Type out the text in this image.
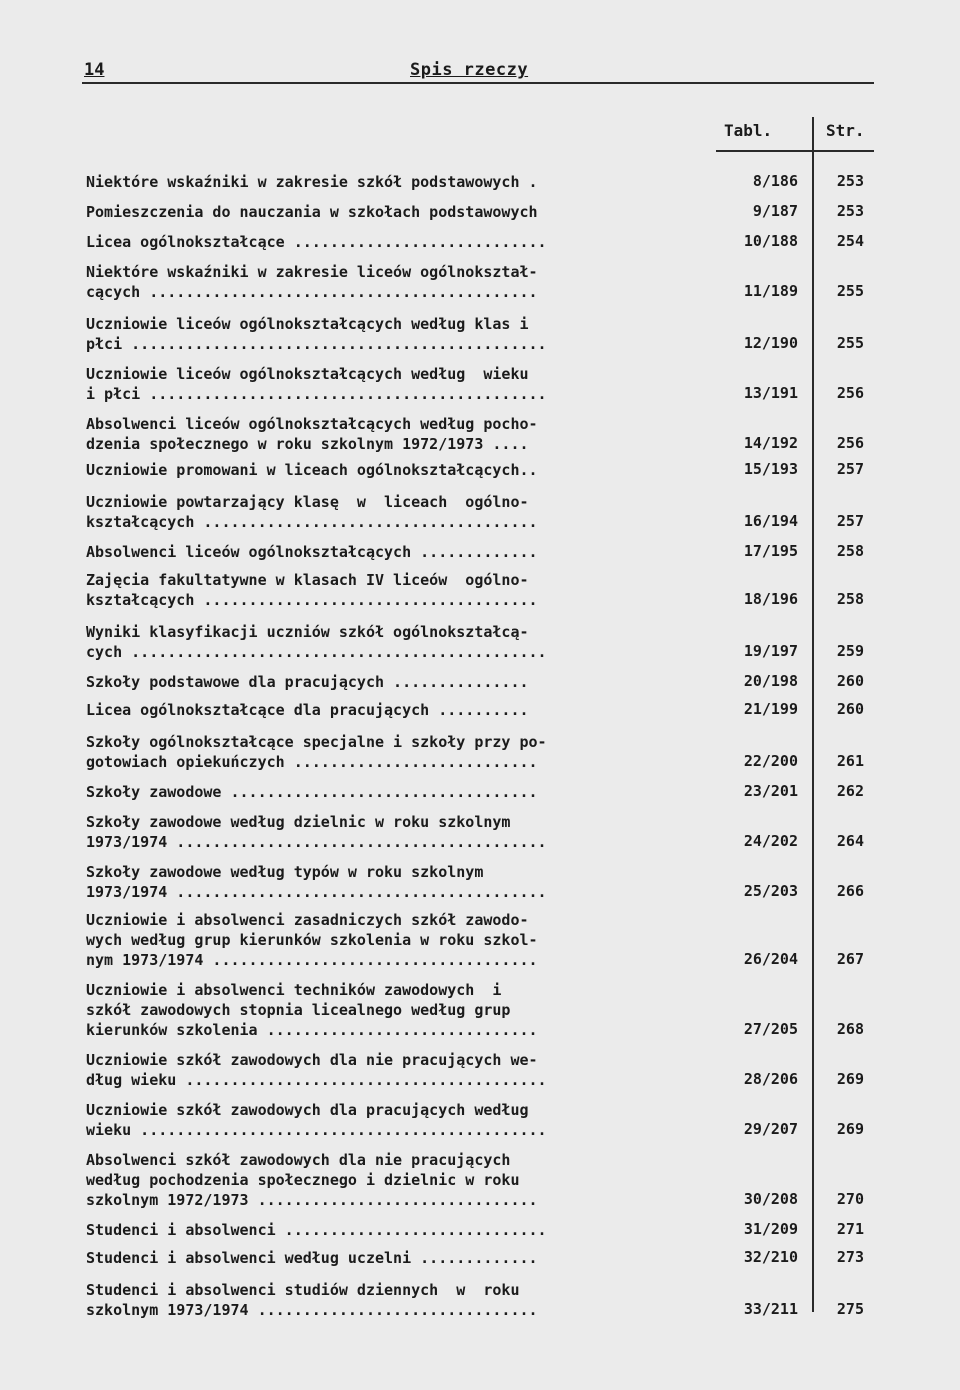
14	Spis rzeczy
Tabl.	Str.
Niektóre wskaźniki w zakresie szkół podstawowych .	8/186	253
Pomieszczenia do nauczania w szkołach podstawowych	9/187	253
Licea ogólnokształcące ............................	10/188	254
Niektóre wskaźniki w zakresie liceów ogólnokształ-
cących ...........................................	11/189	255
Uczniowie liceów ogólnokształcących według klas i
płci ..............................................	12/190	255
Uczniowie liceów ogólnokształcących według  wieku
i płci ............................................	13/191	256
Absolwenci liceów ogólnokształcących według pocho-
dzenia społecznego w roku szkolnym 1972/1973 ....	14/192	256
Uczniowie promowani w liceach ogólnokształcących..	15/193	257
Uczniowie powtarzający klasę  w  liceach  ogólno-
kształcących .....................................	16/194	257
Absolwenci liceów ogólnokształcących .............	17/195	258
Zajęcia fakultatywne w klasach IV liceów  ogólno-
kształcących .....................................	18/196	258
Wyniki klasyfikacji uczniów szkół ogólnokształcą-
cych ..............................................	19/197	259
Szkoły podstawowe dla pracujących ...............	20/198	260
Licea ogólnokształcące dla pracujących ..........	21/199	260
Szkoły ogólnokształcące specjalne i szkoły przy po-
gotowiach opiekuńczych ...........................	22/200	261
Szkoły zawodowe ..................................	23/201	262
Szkoły zawodowe według dzielnic w roku szkolnym
1973/1974 .........................................	24/202	264
Szkoły zawodowe według typów w roku szkolnym
1973/1974 .........................................	25/203	266
Uczniowie i absolwenci zasadniczych szkół zawodo-
wych według grup kierunków szkolenia w roku szkol-
nym 1973/1974 ....................................	26/204	267
Uczniowie i absolwenci techników zawodowych  i
szkół zawodowych stopnia licealnego według grup
kierunków szkolenia ..............................	27/205	268
Uczniowie szkół zawodowych dla nie pracujących we-
dług wieku ........................................	28/206	269
Uczniowie szkół zawodowych dla pracujących według
wieku .............................................	29/207	269
Absolwenci szkół zawodowych dla nie pracujących
według pochodzenia społecznego i dzielnic w roku
szkolnym 1972/1973 ...............................	30/208	270
Studenci i absolwenci .............................	31/209	271
Studenci i absolwenci według uczelni .............	32/210	273
Studenci i absolwenci studiów dziennych  w  roku
szkolnym 1973/1974 ...............................	33/211	275
